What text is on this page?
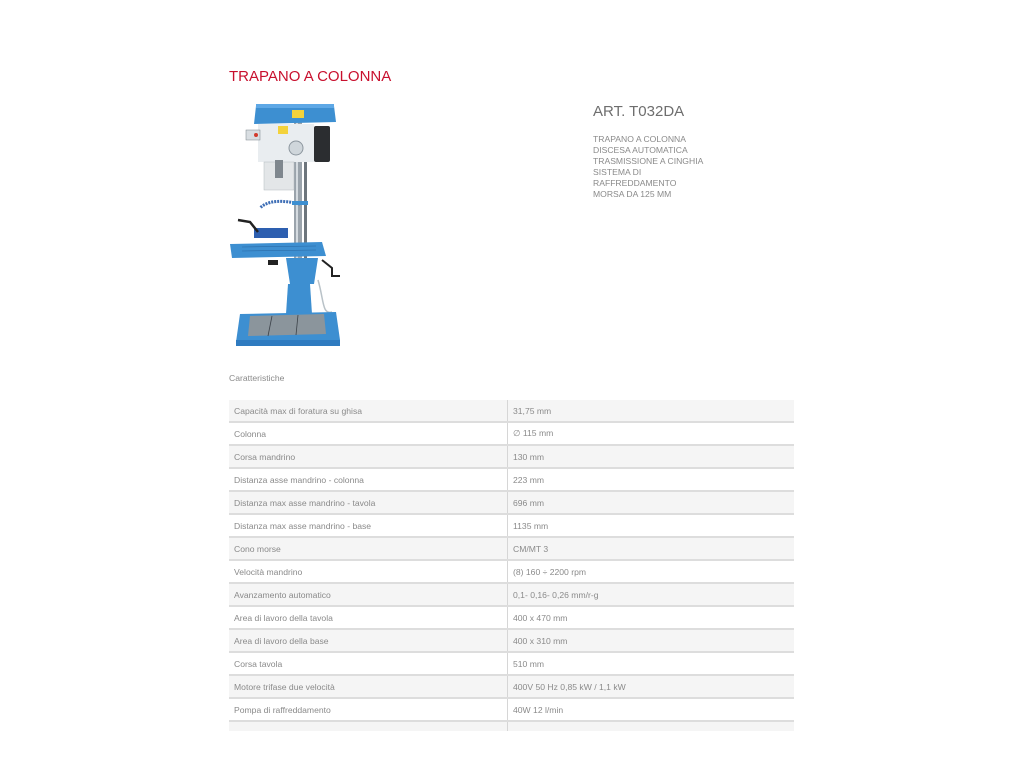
TRAPANO A COLONNA
ART. T032DA
TRAPANO A COLONNA
DISCESA AUTOMATICA
TRASMISSIONE A CINGHIA
SISTEMA DI RAFFREDDAMENTO
MORSA DA 125 MM
Caratteristiche
Capacità max di foratura su ghisa	31,75 mm
Colonna	∅ 115 mm
Corsa mandrino	130 mm
Distanza asse mandrino - colonna	223 mm
Distanza max asse mandrino - tavola	696 mm
Distanza max asse mandrino - base	1135 mm
Cono morse	CM/MT 3
Velocità mandrino	(8) 160 ÷ 2200 rpm
Avanzamento automatico	0,1- 0,16- 0,26 mm/r-g
Area di lavoro della tavola	400 x 470 mm
Area di lavoro della base	400 x 310 mm
Corsa tavola	510 mm
Motore trifase due velocità	400V 50 Hz 0,85 kW / 1,1 kW
Pompa di raffreddamento	40W 12 l/min
